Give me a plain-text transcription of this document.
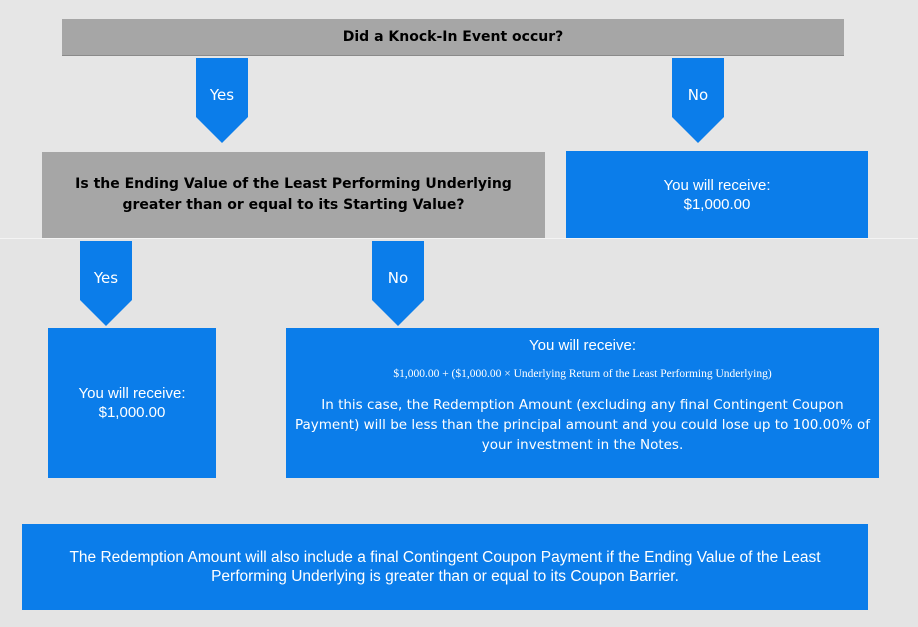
Did a Knock-In Event occur?
Yes	No
Is the Ending Value of the Least Performing Underlying greater than or equal to its Starting Value?
You will receive:
$1,000.00
Yes	No
You will receive:
$1,000.00
You will receive:
$1,000.00 + ($1,000.00 × Underlying Return of the Least Performing Underlying)
In this case, the Redemption Amount (excluding any final Contingent Coupon Payment) will be less than the principal amount and you could lose up to 100.00% of your investment in the Notes.
The Redemption Amount will also include a final Contingent Coupon Payment if the Ending Value of the Least Performing Underlying is greater than or equal to its Coupon Barrier.
